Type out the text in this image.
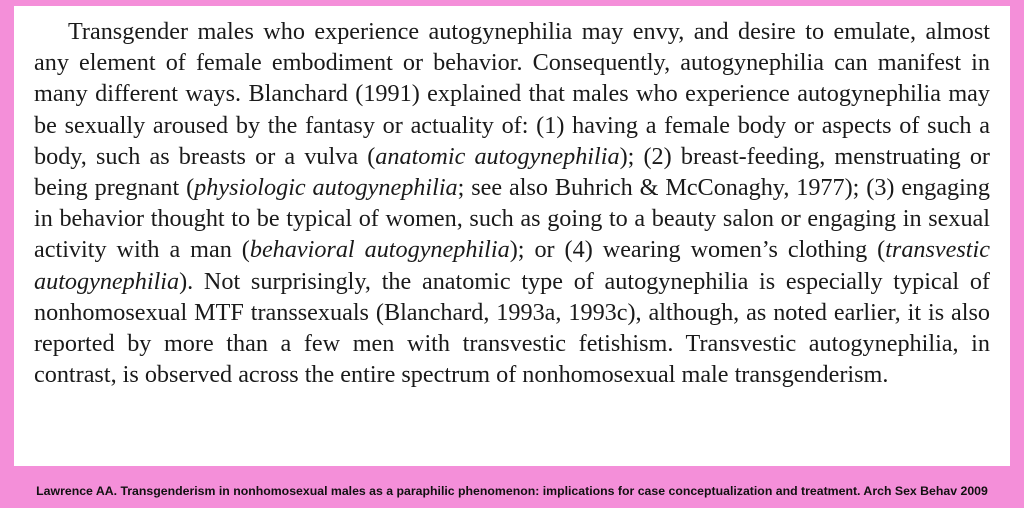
Transgender males who experience autogynephilia may envy, and desire to emulate, almost any element of female embodiment or behavior. Consequently, autogynephilia can manifest in many different ways. Blanchard (1991) explained that males who experience autogynephilia may be sexually aroused by the fantasy or actuality of: (1) having a female body or aspects of such a body, such as breasts or a vulva (anatomic autogynephilia); (2) breast-feeding, menstruating or being pregnant (physiologic autogynephilia; see also Buhrich & McConaghy, 1977); (3) engaging in behavior thought to be typical of women, such as going to a beauty salon or engaging in sexual activity with a man (behavioral autogynephilia); or (4) wearing women’s clothing (transvestic autogynephilia). Not surprisingly, the anatomic type of autogynephilia is especially typical of nonhomosexual MTF transsexuals (Blanchard, 1993a, 1993c), although, as noted earlier, it is also reported by more than a few men with transvestic fetishism. Transvestic autogynephilia, in contrast, is observed across the entire spectrum of nonhomosexual male transgenderism.

Lawrence AA. Transgenderism in nonhomosexual males as a paraphilic phenomenon: implications for case conceptualization and treatment. Arch Sex Behav 2009
